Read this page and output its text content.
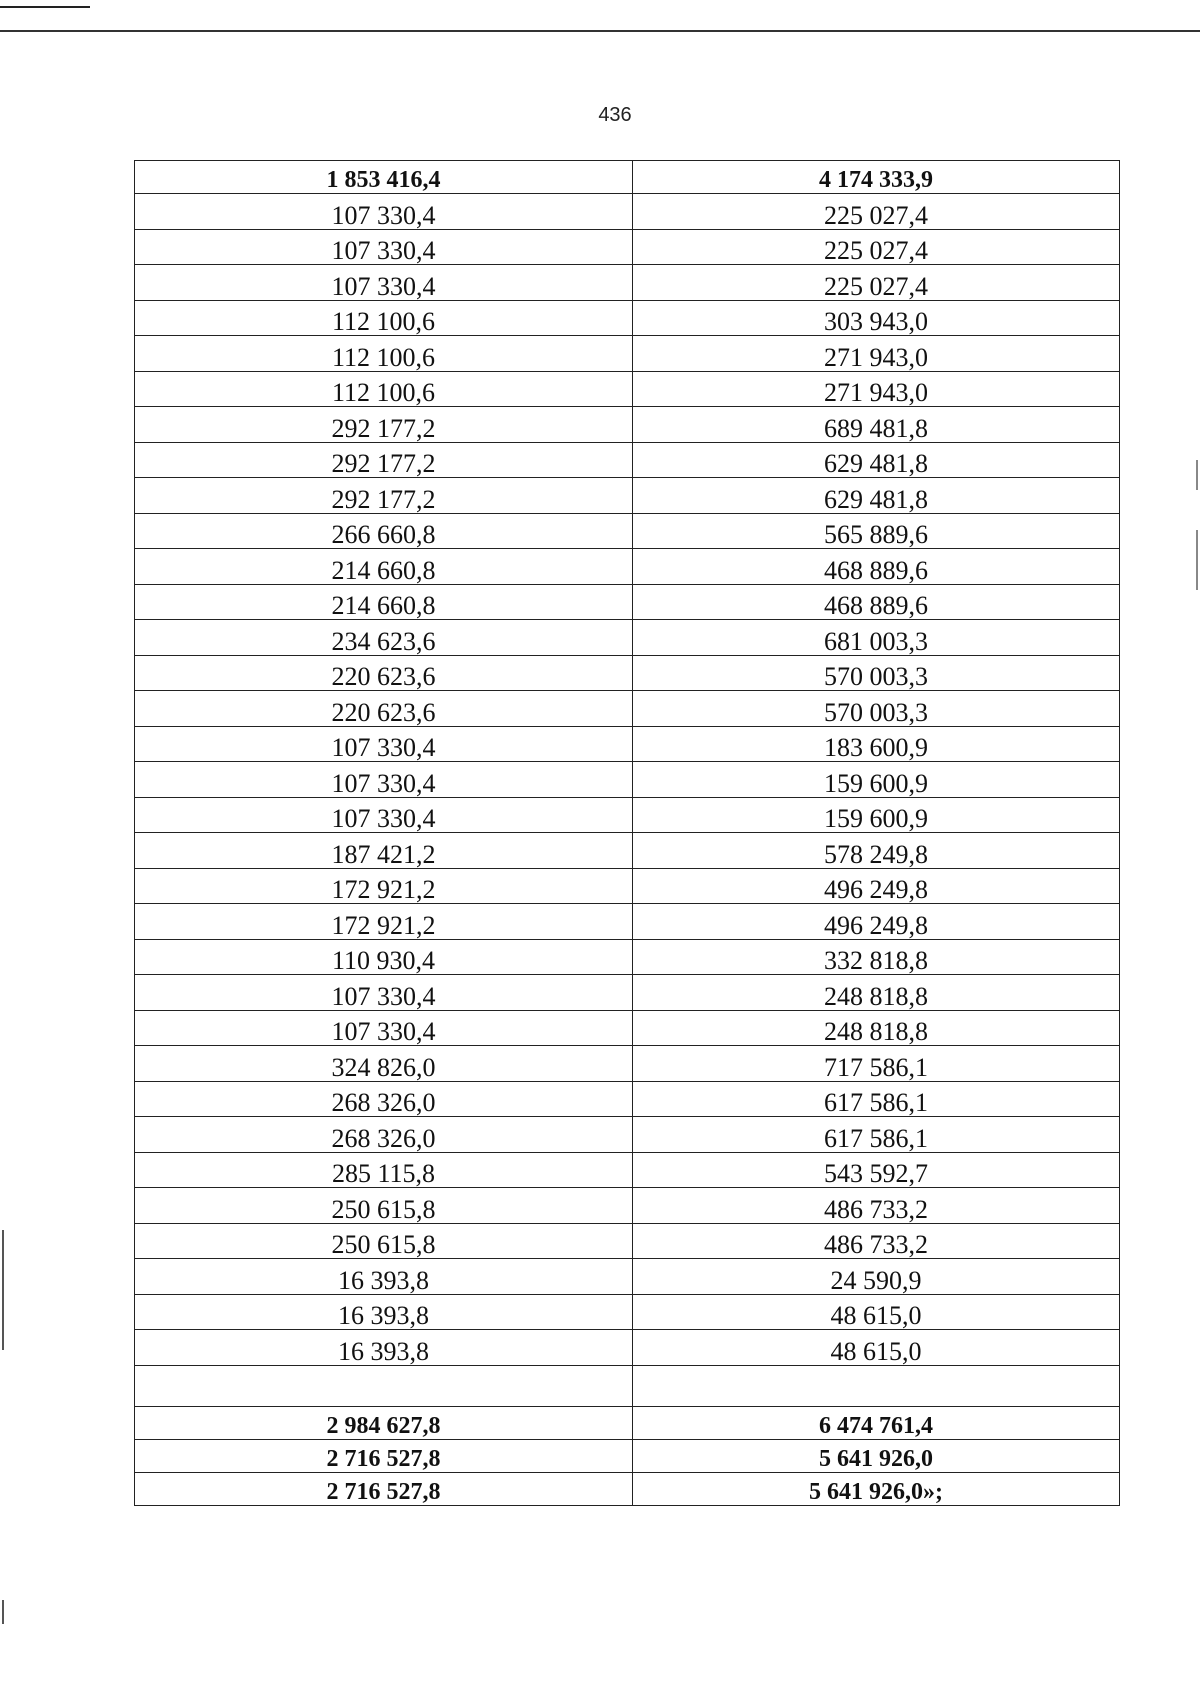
436
1 853 416,4	4 174 333,9
107 330,4	225 027,4
107 330,4	225 027,4
107 330,4	225 027,4
112 100,6	303 943,0
112 100,6	271 943,0
112 100,6	271 943,0
292 177,2	689 481,8
292 177,2	629 481,8
292 177,2	629 481,8
266 660,8	565 889,6
214 660,8	468 889,6
214 660,8	468 889,6
234 623,6	681 003,3
220 623,6	570 003,3
220 623,6	570 003,3
107 330,4	183 600,9
107 330,4	159 600,9
107 330,4	159 600,9
187 421,2	578 249,8
172 921,2	496 249,8
172 921,2	496 249,8
110 930,4	332 818,8
107 330,4	248 818,8
107 330,4	248 818,8
324 826,0	717 586,1
268 326,0	617 586,1
268 326,0	617 586,1
285 115,8	543 592,7
250 615,8	486 733,2
250 615,8	486 733,2
16 393,8	24 590,9
16 393,8	48 615,0
16 393,8	48 615,0

2 984 627,8	6 474 761,4
2 716 527,8	5 641 926,0
2 716 527,8	5 641 926,0»;
